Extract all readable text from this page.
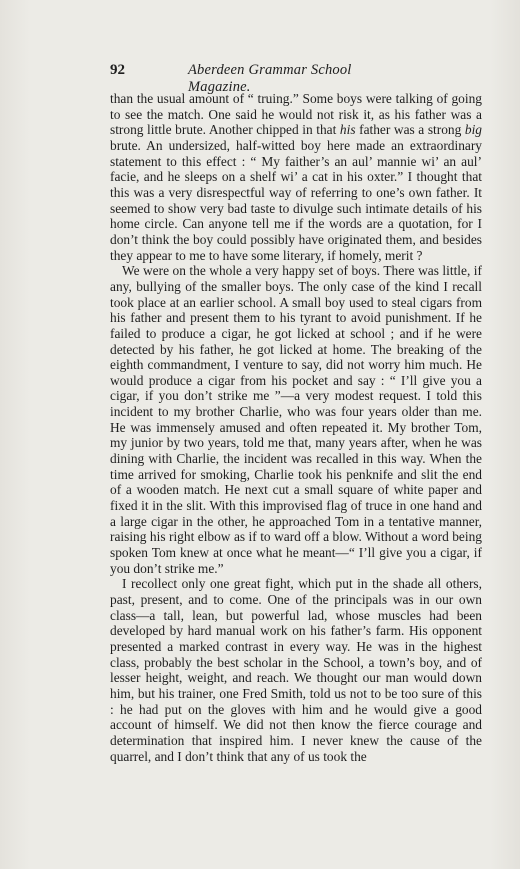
92	Aberdeen Grammar School Magazine.

than the usual amount of “ truing.” Some boys were talking of going to see the match. One said he would not risk it, as his father was a strong little brute. Another chipped in that his father was a strong big brute. An undersized, half-witted boy here made an extraordinary statement to this effect : “ My faither’s an aul’ mannie wi’ an aul’ facie, and he sleeps on a shelf wi’ a cat in his oxter.” I thought that this was a very disrespectful way of referring to one’s own father. It seemed to show very bad taste to divulge such intimate details of his home circle. Can anyone tell me if the words are a quotation, for I don’t think the boy could possibly have originated them, and besides they appear to me to have some literary, if homely, merit ?

We were on the whole a very happy set of boys. There was little, if any, bullying of the smaller boys. The only case of the kind I recall took place at an earlier school. A small boy used to steal cigars from his father and present them to his tyrant to avoid punishment. If he failed to produce a cigar, he got licked at school ; and if he were detected by his father, he got licked at home. The breaking of the eighth commandment, I venture to say, did not worry him much. He would produce a cigar from his pocket and say : “ I’ll give you a cigar, if you don’t strike me ”—a very modest request. I told this incident to my brother Charlie, who was four years older than me. He was immensely amused and often repeated it. My brother Tom, my junior by two years, told me that, many years after, when he was dining with Charlie, the incident was recalled in this way. When the time arrived for smoking, Charlie took his penknife and slit the end of a wooden match. He next cut a small square of white paper and fixed it in the slit. With this improvised flag of truce in one hand and a large cigar in the other, he approached Tom in a tentative manner, raising his right elbow as if to ward off a blow. Without a word being spoken Tom knew at once what he meant—“ I’ll give you a cigar, if you don’t strike me.”

I recollect only one great fight, which put in the shade all others, past, present, and to come. One of the principals was in our own class—a tall, lean, but powerful lad, whose muscles had been developed by hard manual work on his father’s farm. His opponent presented a marked contrast in every way. He was in the highest class, probably the best scholar in the School, a town’s boy, and of lesser height, weight, and reach. We thought our man would down him, but his trainer, one Fred Smith, told us not to be too sure of this : he had put on the gloves with him and he would give a good account of himself. We did not then know the fierce courage and determination that inspired him. I never knew the cause of the quarrel, and I don’t think that any of us took the
